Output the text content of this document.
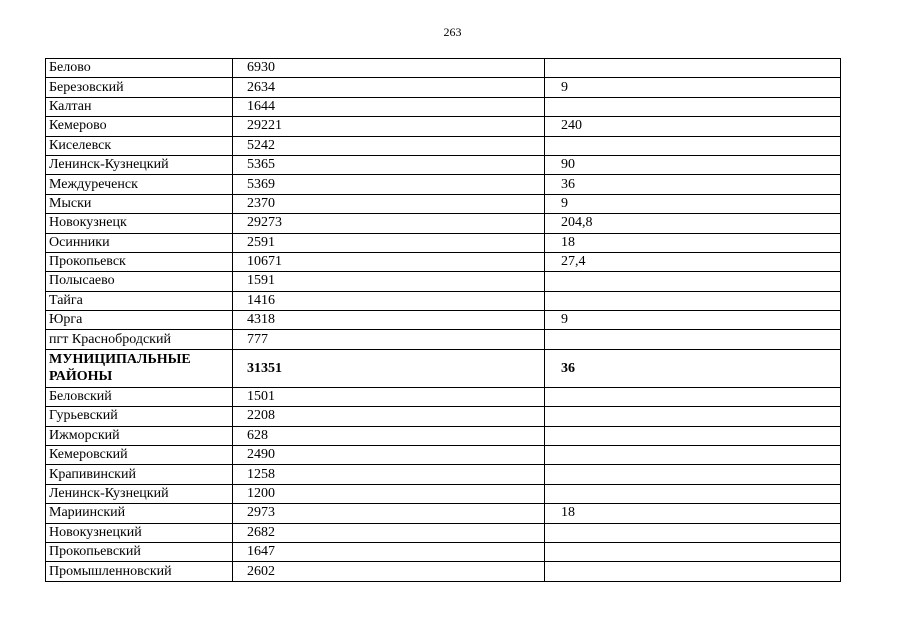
263
Белово	6930	
Березовский	2634	9
Калтан	1644	
Кемерово	29221	240
Киселевск	5242	
Ленинск-Кузнецкий	5365	90
Междуреченск	5369	36
Мыски	2370	9
Новокузнецк	29273	204,8
Осинники	2591	18
Прокопьевск	10671	27,4
Полысаево	1591	
Тайга	1416	
Юрга	4318	9
пгт Краснобродский	777	
МУНИЦИПАЛЬНЫЕ РАЙОНЫ	31351	36
Беловский	1501	
Гурьевский	2208	
Ижморский	628	
Кемеровский	2490	
Крапивинский	1258	
Ленинск-Кузнецкий	1200	
Мариинский	2973	18
Новокузнецкий	2682	
Прокопьевский	1647	
Промышленновский	2602	
